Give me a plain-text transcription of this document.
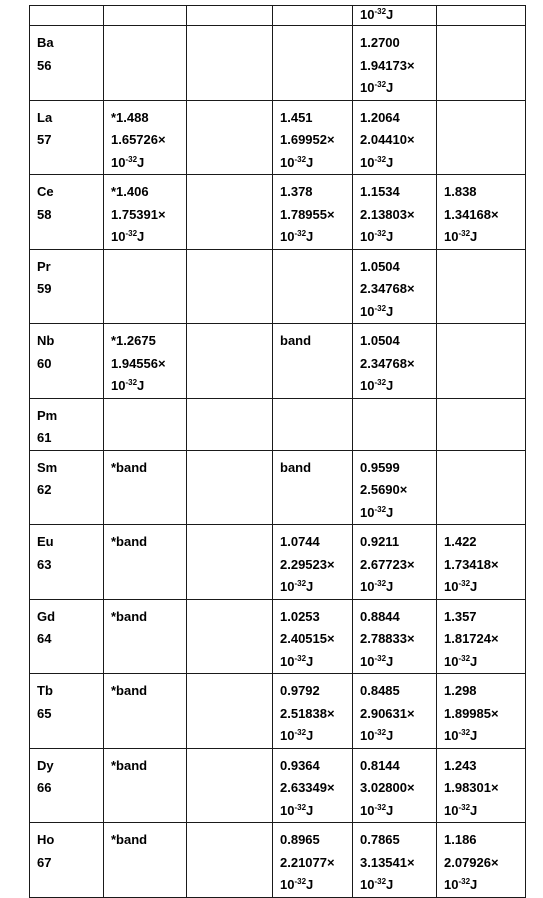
				$10^{-32}J$	

Ba
56				1.2700
1.94173×
$10^{-32}J$	

La
57	*1.488
1.65726×
$10^{-32}J$		1.451
1.69952×
$10^{-32}J$	1.2064
2.04410×
$10^{-32}J$	

Ce
58	*1.406
1.75391×
$10^{-32}J$		1.378
1.78955×
$10^{-32}J$	1.1534
2.13803×
$10^{-32}J$	1.838
1.34168×
$10^{-32}J$

Pr
59				1.0504
2.34768×
$10^{-32}J$	

Nb
60	*1.2675
1.94556×
$10^{-32}J$		band	1.0504
2.34768×
$10^{-32}J$	

Pm
61					

Sm
62	*band		band	0.9599
2.5690×
$10^{-32}J$	

Eu
63	*band		1.0744
2.29523×
$10^{-32}J$	0.9211
2.67723×
$10^{-32}J$	1.422
1.73418×
$10^{-32}J$

Gd
64	*band		1.0253
2.40515×
$10^{-32}J$	0.8844
2.78833×
$10^{-32}J$	1.357
1.81724×
$10^{-32}J$

Tb
65	*band		0.9792
2.51838×
$10^{-32}J$	0.8485
2.90631×
$10^{-32}J$	1.298
1.89985×
$10^{-32}J$

Dy
66	*band		0.9364
2.63349×
$10^{-32}J$	0.8144
3.02800×
$10^{-32}J$	1.243
1.98301×
$10^{-32}J$

Ho
67	*band		0.8965
2.21077×
$10^{-32}J$	0.7865
3.13541×
$10^{-32}J$	1.186
2.07926×
$10^{-32}J$
